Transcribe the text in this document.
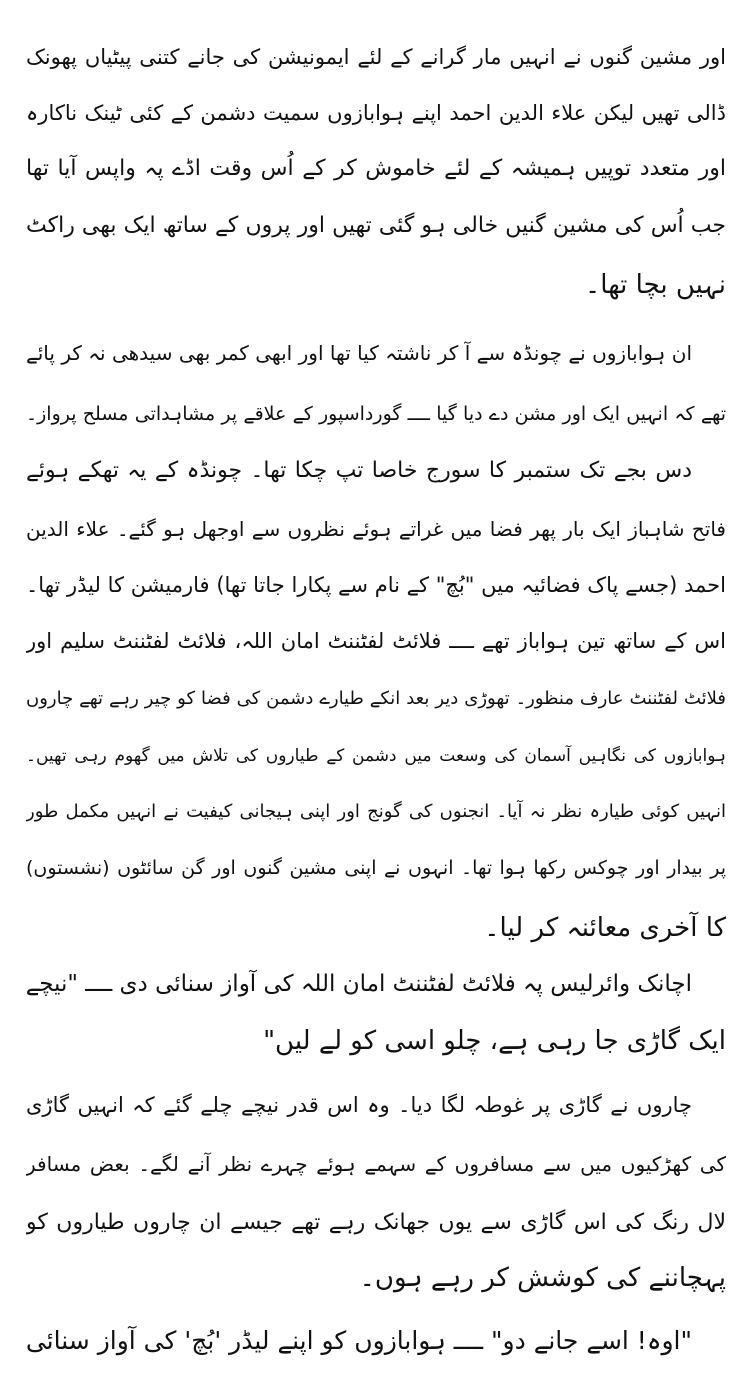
اور مشین گنوں نے انہیں مار گرانے کے لئے ایمونیشن کی جانے کتنی پیٹیاں پھونک
ڈالی تھیں لیکن علاء الدین احمد اپنے ہوابازوں سمیت دشمن کے کئی ٹینک ناکارہ
اور متعدد توپیں ہمیشہ کے لئے خاموش کر کے اُس وقت اڈے پہ واپس آیا تھا
جب اُس کی مشین گنیں خالی ہو گئی تھیں اور پروں کے ساتھ ایک بھی راکٹ
نہیں بچا تھا۔
ان ہوابازوں نے چونڈہ سے آ کر ناشتہ کیا تھا اور ابھی کمر بھی سیدھی نہ کر پائے
تھے کہ انہیں ایک اور مشن دے دیا گیا ــــ گورداسپور کے علاقے پر مشاہداتی مسلح پرواز۔
دس بجے تک ستمبر کا سورج خاصا تپ چکا تھا۔ چونڈہ کے یہ تھکے ہوئے
فاتح شاہباز ایک بار پھر فضا میں غراتے ہوئے نظروں سے اوجھل ہو گئے۔ علاء الدین
احمد (جسے پاک فضائیہ میں "بُچ" کے نام سے پکارا جاتا تھا) فارمیشن کا لیڈر تھا۔
اس کے ساتھ تین ہواباز تھے ــــ فلائٹ لفٹننٹ امان اللہ، فلائٹ لفٹننٹ سلیم اور
فلائٹ لفٹننٹ عارف منظور۔ تھوڑی دیر بعد انکے طیارے دشمن کی فضا کو چیر رہے تھے چاروں
ہوابازوں کی نگاہیں آسمان کی وسعت میں دشمن کے طیاروں کی تلاش میں گھوم رہی تھیں۔
انہیں کوئی طیارہ نظر نہ آیا۔ انجنوں کی گونج اور اپنی ہیجانی کیفیت نے انہیں مکمل طور
پر بیدار اور چوکس رکھا ہوا تھا۔ انہوں نے اپنی مشین گنوں اور گن سائٹوں (نشستوں)
کا آخری معائنہ کر لیا۔
اچانک وائرلیس پہ فلائٹ لفٹننٹ امان اللہ کی آواز سنائی دی ــــ "نیچے
ایک گاڑی جا رہی ہے، چلو اسی کو لے لیں"
چاروں نے گاڑی پر غوطہ لگا دیا۔ وہ اس قدر نیچے چلے گئے کہ انہیں گاڑی
کی کھڑکیوں میں سے مسافروں کے سہمے ہوئے چہرے نظر آنے لگے۔ بعض مسافر
لال رنگ کی اس گاڑی سے یوں جھانک رہے تھے جیسے ان چاروں طیاروں کو
پہچاننے کی کوشش کر رہے ہوں۔
"اوہ! اسے جانے دو" ــــ ہوابازوں کو اپنے لیڈر 'بُچ' کی آواز سنائی
